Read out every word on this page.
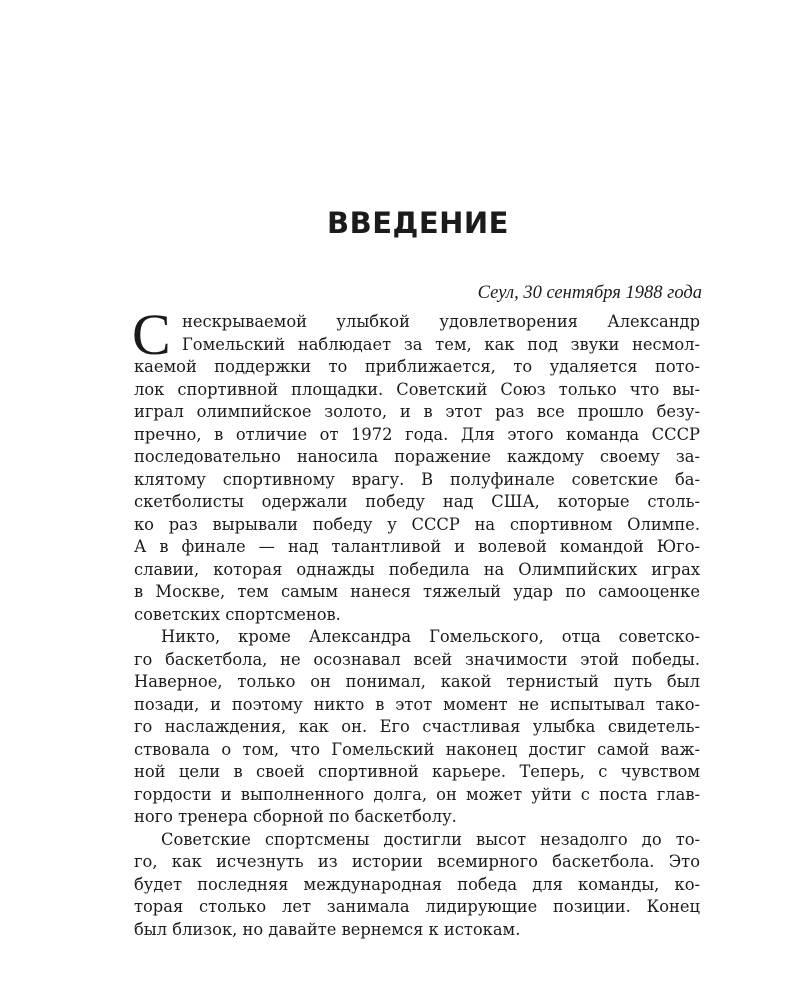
ВВЕДЕНИЕ
Сеул, 30 сентября 1988 года
С нескрываемой улыбкой удовлетворения Александр
Гомельский наблюдает за тем, как под звуки несмол-
каемой поддержки то приближается, то удаляется пото-
лок спортивной площадки. Советский Союз только что вы-
играл олимпийское золото, и в этот раз все прошло безу-
пречно, в отличие от 1972 года. Для этого команда СССР
последовательно наносила поражение каждому своему за-
клятому спортивному врагу. В полуфинале советские ба-
скетболисты одержали победу над США, которые столь-
ко раз вырывали победу у СССР на спортивном Олимпе.
А в финале — над талантливой и волевой командой Юго-
славии, которая однажды победила на Олимпийских играх
в Москве, тем самым нанеся тяжелый удар по самооценке
советских спортсменов.
Никто, кроме Александра Гомельского, отца советско-
го баскетбола, не осознавал всей значимости этой победы.
Наверное, только он понимал, какой тернистый путь был
позади, и поэтому никто в этот момент не испытывал тако-
го наслаждения, как он. Его счастливая улыбка свидетель-
ствовала о том, что Гомельский наконец достиг самой важ-
ной цели в своей спортивной карьере. Теперь, с чувством
гордости и выполненного долга, он может уйти с поста глав-
ного тренера сборной по баскетболу.
Советские спортсмены достигли высот незадолго до то-
го, как исчезнуть из истории всемирного баскетбола. Это
будет последняя международная победа для команды, ко-
торая столько лет занимала лидирующие позиции. Конец
был близок, но давайте вернемся к истокам.
